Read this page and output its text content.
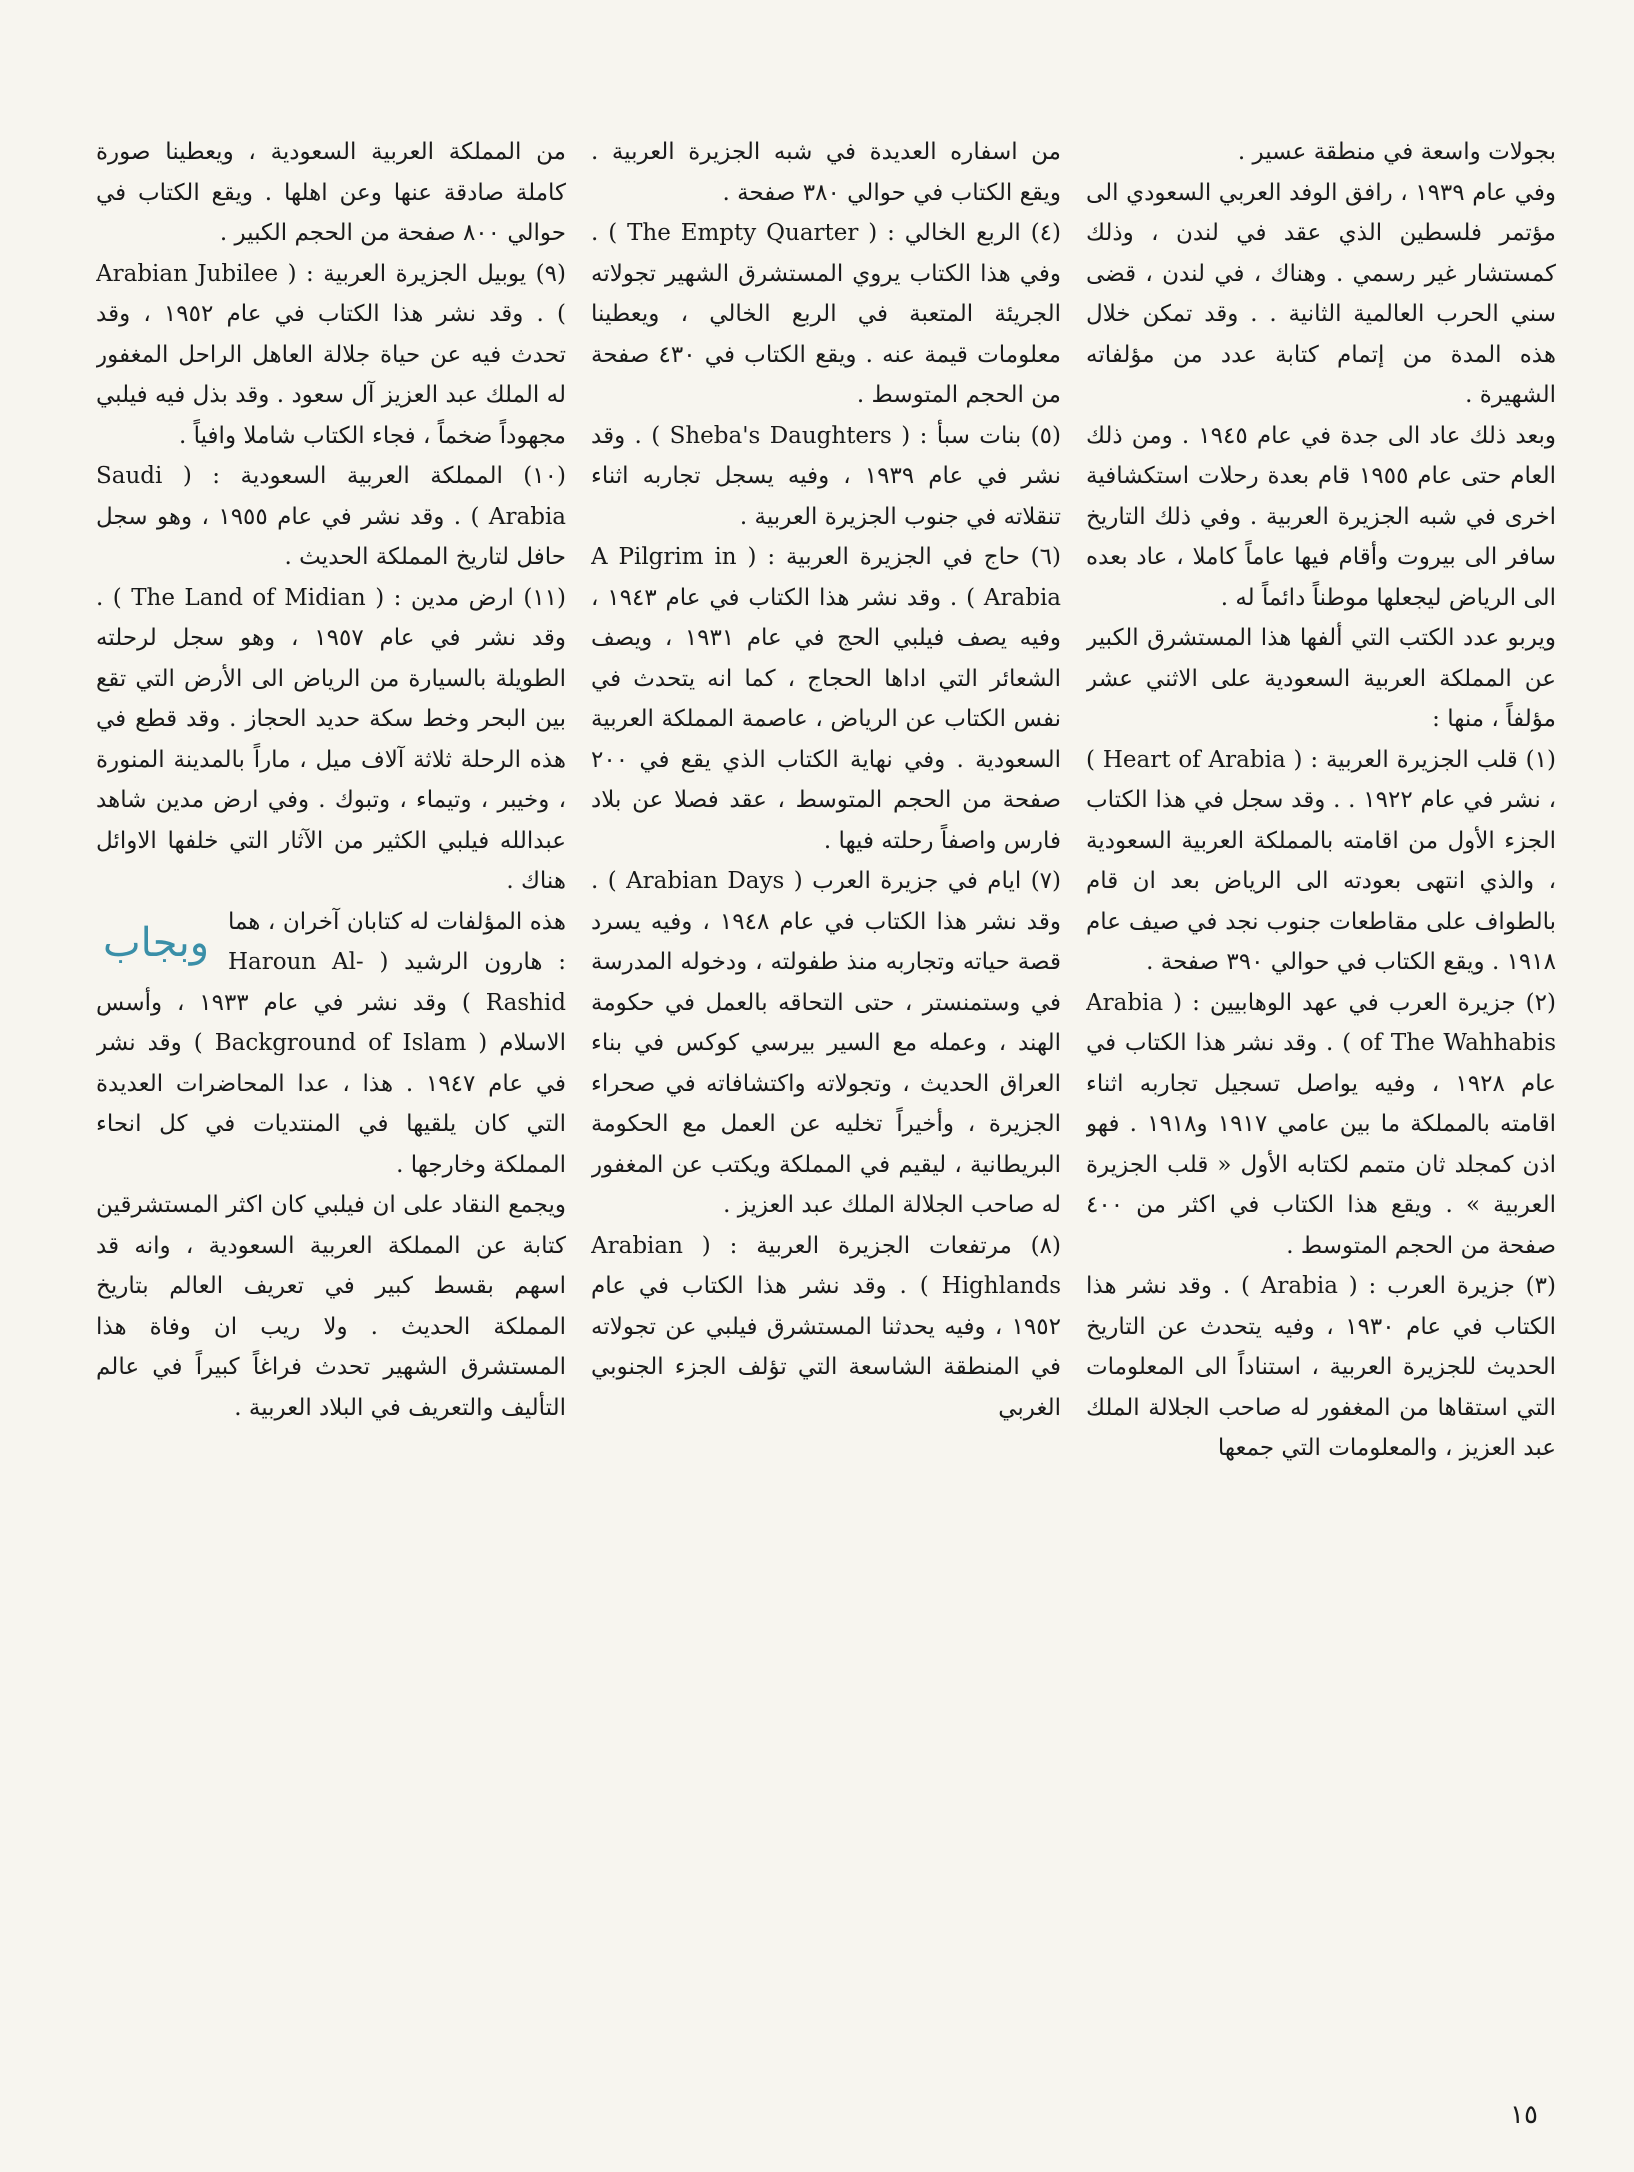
بجولات واسعة في منطقة عسير .

وفي عام ١٩٣٩ ، رافق الوفد العربي السعودي الى مؤتمر فلسطين الذي عقد في لندن ، وذلك كمستشار غير رسمي . وهناك ، في لندن ، قضى سني الحرب العالمية الثانية . . وقد تمكن خلال هذه المدة من إتمام كتابة عدد من مؤلفاته الشهيرة .

وبعد ذلك عاد الى جدة في عام ١٩٤٥ . ومن ذلك العام حتى عام ١٩٥٥ قام بعدة رحلات استكشافية اخرى في شبه الجزيرة العربية . وفي ذلك التاريخ سافر الى بيروت وأقام فيها عاماً كاملا ، عاد بعده الى الرياض ليجعلها موطناً دائماً له .

ويربو عدد الكتب التي ألفها هذا المستشرق الكبير عن المملكة العربية السعودية على الاثني عشر مؤلفاً ، منها :

(١) قلب الجزيرة العربية : ( Heart of Arabia ) ، نشر في عام ١٩٢٢ . . وقد سجل في هذا الكتاب الجزء الأول من اقامته بالمملكة العربية السعودية ، والذي انتهى بعودته الى الرياض بعد ان قام بالطواف على مقاطعات جنوب نجد في صيف عام ١٩١٨ . ويقع الكتاب في حوالي ٣٩٠ صفحة .

(٢) جزيرة العرب في عهد الوهابيين : ( Arabia of The Wahhabis ) . وقد نشر هذا الكتاب في عام ١٩٢٨ ، وفيه يواصل تسجيل تجاربه اثناء اقامته بالمملكة ما بين عامي ١٩١٧ و١٩١٨ . فهو اذن كمجلد ثان متمم لكتابه الأول « قلب الجزيرة العربية » . ويقع هذا الكتاب في اكثر من ٤٠٠ صفحة من الحجم المتوسط .

(٣) جزيرة العرب : ( Arabia ) . وقد نشر هذا الكتاب في عام ١٩٣٠ ، وفيه يتحدث عن التاريخ الحديث للجزيرة العربية ، استناداً الى المعلومات التي استقاها من المغفور له صاحب الجلالة الملك عبد العزيز ، والمعلومات التي جمعها

من اسفاره العديدة في شبه الجزيرة العربية . ويقع الكتاب في حوالي ٣٨٠ صفحة .

(٤) الربع الخالي : ( The Empty Quarter ) . وفي هذا الكتاب يروي المستشرق الشهير تجولاته الجريئة المتعبة في الربع الخالي ، ويعطينا معلومات قيمة عنه . ويقع الكتاب في ٤٣٠ صفحة من الحجم المتوسط .

(٥) بنات سبأ : ( Sheba's Daughters ) . وقد نشر في عام ١٩٣٩ ، وفيه يسجل تجاربه اثناء تنقلاته في جنوب الجزيرة العربية .

(٦) حاج في الجزيرة العربية : ( A Pilgrim in Arabia ) . وقد نشر هذا الكتاب في عام ١٩٤٣ ، وفيه يصف فيلبي الحج في عام ١٩٣١ ، ويصف الشعائر التي اداها الحجاج ، كما انه يتحدث في نفس الكتاب عن الرياض ، عاصمة المملكة العربية السعودية . وفي نهاية الكتاب الذي يقع في ٢٠٠ صفحة من الحجم المتوسط ، عقد فصلا عن بلاد فارس واصفاً رحلته فيها .

(٧) ايام في جزيرة العرب ( Arabian Days ) . وقد نشر هذا الكتاب في عام ١٩٤٨ ، وفيه يسرد قصة حياته وتجاربه منذ طفولته ، ودخوله المدرسة في وستمنستر ، حتى التحاقه بالعمل في حكومة الهند ، وعمله مع السير بيرسي كوكس في بناء العراق الحديث ، وتجولاته واكتشافاته في صحراء الجزيرة ، وأخيراً تخليه عن العمل مع الحكومة البريطانية ، ليقيم في المملكة ويكتب عن المغفور له صاحب الجلالة الملك عبد العزيز .

(٨) مرتفعات الجزيرة العربية : ( Arabian Highlands ) . وقد نشر هذا الكتاب في عام ١٩٥٢ ، وفيه يحدثنا المستشرق فيلبي عن تجولاته في المنطقة الشاسعة التي تؤلف الجزء الجنوبي الغربي

من المملكة العربية السعودية ، ويعطينا صورة كاملة صادقة عنها وعن اهلها . ويقع الكتاب في حوالي ٨٠٠ صفحة من الحجم الكبير .

(٩) يوبيل الجزيرة العربية : ( Arabian Jubilee ) . وقد نشر هذا الكتاب في عام ١٩٥٢ ، وقد تحدث فيه عن حياة جلالة العاهل الراحل المغفور له الملك عبد العزيز آل سعود . وقد بذل فيه فيلبي مجهوداً ضخماً ، فجاء الكتاب شاملا وافياً .

(١٠) المملكة العربية السعودية : ( Saudi Arabia ) . وقد نشر في عام ١٩٥٥ ، وهو سجل حافل لتاريخ المملكة الحديث .

(١١) ارض مدين : ( The Land of Midian ) . وقد نشر في عام ١٩٥٧ ، وهو سجل لرحلته الطويلة بالسيارة من الرياض الى الأرض التي تقع بين البحر وخط سكة حديد الحجاز . وقد قطع في هذه الرحلة ثلاثة آلاف ميل ، ماراً بالمدينة المنورة ، وخيبر ، وتيماء ، وتبوك . وفي ارض مدين شاهد عبدالله فيلبي الكثير من الآثار التي خلفها الاوائل هناك .

وبجاب هذه المؤلفات له كتابان آخران ، هما : هارون الرشيد ( Haroun Al-Rashid ) وقد نشر في عام ١٩٣٣ ، وأسس الاسلام ( Background of Islam ) وقد نشر في عام ١٩٤٧ . هذا ، عدا المحاضرات العديدة التي كان يلقيها في المنتديات في كل انحاء المملكة وخارجها .

ويجمع النقاد على ان فيلبي كان اكثر المستشرقين كتابة عن المملكة العربية السعودية ، وانه قد اسهم بقسط كبير في تعريف العالم بتاريخ المملكة الحديث . ولا ريب ان وفاة هذا المستشرق الشهير تحدث فراغاً كبيراً في عالم التأليف والتعريف في البلاد العربية .

١٥
